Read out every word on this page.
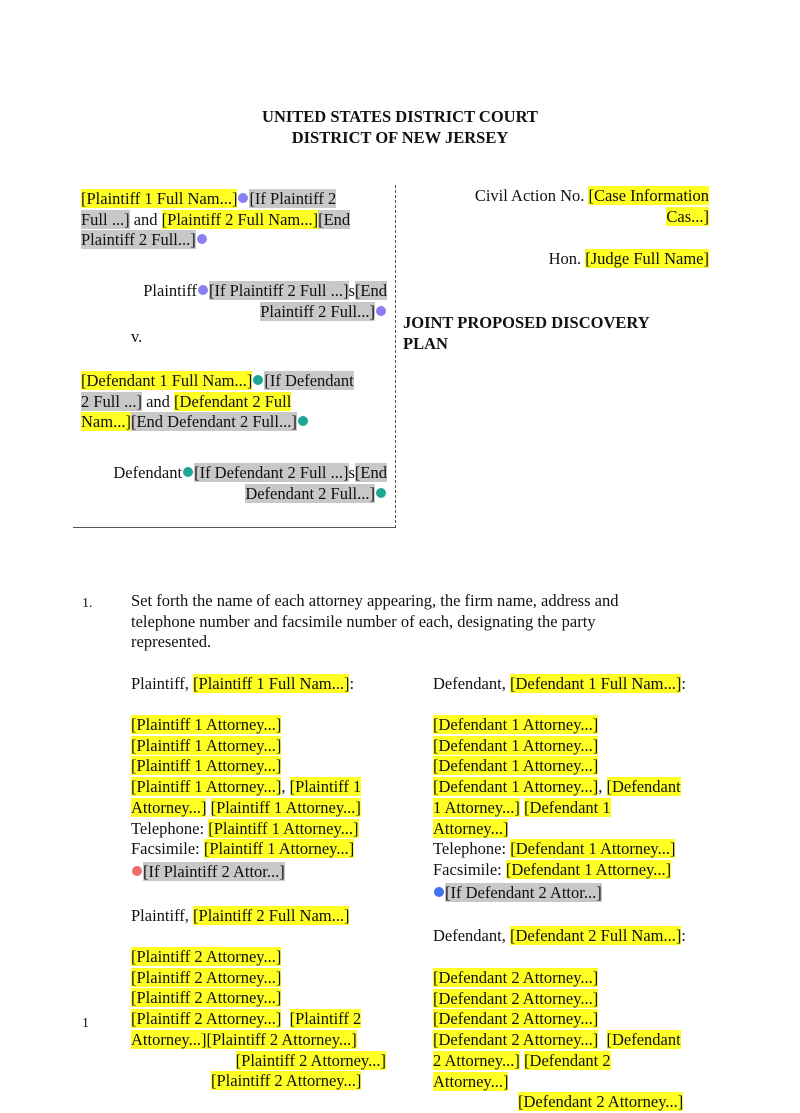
UNITED STATES DISTRICT COURT
DISTRICT OF NEW JERSEY
[Plaintiff 1 Full Nam...] [If Plaintiff 2
Full ...] and [Plaintiff 2 Full Nam...][End
Plaintiff 2 Full...]
Plaintiff [If Plaintiff 2 Full ...]s[End
Plaintiff 2 Full...]
v.
[Defendant 1 Full Nam...] [If Defendant
2 Full ...] and [Defendant 2 Full
Nam...][End Defendant 2 Full...]
Defendant [If Defendant 2 Full ...]s[End
Defendant 2 Full...]
Civil Action No. [Case Information
Cas...]
Hon. [Judge Full Name]
JOINT PROPOSED DISCOVERY
PLAN
1. Set forth the name of each attorney appearing, the firm name, address and
telephone number and facsimile number of each, designating the party
represented.
Plaintiff, [Plaintiff 1 Full Nam...]:
[Plaintiff 1 Attorney...]
[Plaintiff 1 Attorney...]
[Plaintiff 1 Attorney...]
[Plaintiff 1 Attorney...], [Plaintiff 1
Attorney...] [Plaintiff 1 Attorney...]
Telephone: [Plaintiff 1 Attorney...]
Facsimile: [Plaintiff 1 Attorney...]
[If Plaintiff 2 Attor...]
Plaintiff, [Plaintiff 2 Full Nam...]
[Plaintiff 2 Attorney...]
[Plaintiff 2 Attorney...]
[Plaintiff 2 Attorney...]
[Plaintiff 2 Attorney...] [Plaintiff 2
Attorney...][Plaintiff 2 Attorney...]
[Plaintiff 2 Attorney...]
[Plaintiff 2 Attorney...]
Defendant, [Defendant 1 Full Nam...]:
[Defendant 1 Attorney...]
[Defendant 1 Attorney...]
[Defendant 1 Attorney...]
[Defendant 1 Attorney...], [Defendant
1 Attorney...] [Defendant 1
Attorney...]
Telephone: [Defendant 1 Attorney...]
Facsimile: [Defendant 1 Attorney...]
[If Defendant 2 Attor...]
Defendant, [Defendant 2 Full Nam...]:
[Defendant 2 Attorney...]
[Defendant 2 Attorney...]
[Defendant 2 Attorney...]
[Defendant 2 Attorney...] [Defendant
2 Attorney...] [Defendant 2
Attorney...]
[Defendant 2 Attorney...]
1
